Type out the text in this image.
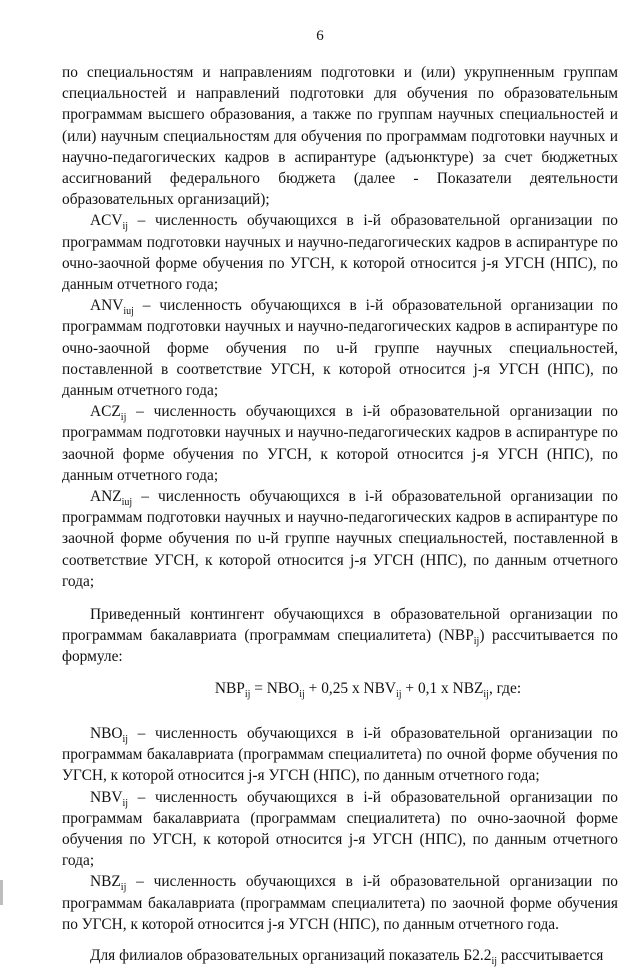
6

по специальностям и направлениям подготовки и (или) укрупненным группам специальностей и направлений подготовки для обучения по образовательным программам высшего образования, а также по группам научных специальностей и (или) научным специальностям для обучения по программам подготовки научных и научно-педагогических кадров в аспирантуре (адъюнктуре) за счет бюджетных ассигнований федерального бюджета (далее - Показатели деятельности образовательных организаций);

$ACV_{ij}$ – численность обучающихся в i-й образовательной организации по программам подготовки научных и научно-педагогических кадров в аспирантуре по очно-заочной форме обучения по УГСН, к которой относится j-я УГСН (НПС), по данным отчетного года;

$ANV_{iuj}$ – численность обучающихся в i-й образовательной организации по программам подготовки научных и научно-педагогических кадров в аспирантуре по очно-заочной форме обучения по u-й группе научных специальностей, поставленной в соответствие УГСН, к которой относится j-я УГСН (НПС), по данным отчетного года;

$ACZ_{ij}$ – численность обучающихся в i-й образовательной организации по программам подготовки научных и научно-педагогических кадров в аспирантуре по заочной форме обучения по УГСН, к которой относится j-я УГСН (НПС), по данным отчетного года;

$ANZ_{iuj}$ – численность обучающихся в i-й образовательной организации по программам подготовки научных и научно-педагогических кадров в аспирантуре по заочной форме обучения по u-й группе научных специальностей, поставленной в соответствие УГСН, к которой относится j-я УГСН (НПС), по данным отчетного года;

Приведенный контингент обучающихся в образовательной организации по программам бакалавриата (программам специалитета) $(NBP_{ij})$ рассчитывается по формуле:

$NBP_{ij} = NBO_{ij} + 0,25$ x $NBV_{ij} + 0,1$ x $NBZ_{ij}$, где:

$NBO_{ij}$ – численность обучающихся в i-й образовательной организации по программам бакалавриата (программам специалитета) по очной форме обучения по УГСН, к которой относится j-я УГСН (НПС), по данным отчетного года;

$NBV_{ij}$ – численность обучающихся в i-й образовательной организации по программам бакалавриата (программам специалитета) по очно-заочной форме обучения по УГСН, к которой относится j-я УГСН (НПС), по данным отчетного года;

$NBZ_{ij}$ – численность обучающихся в i-й образовательной организации по программам бакалавриата (программам специалитета) по заочной форме обучения по УГСН, к которой относится j-я УГСН (НПС), по данным отчетного года.

Для филиалов образовательных организаций показатель $Б2.2_{ij}$ рассчитывается
